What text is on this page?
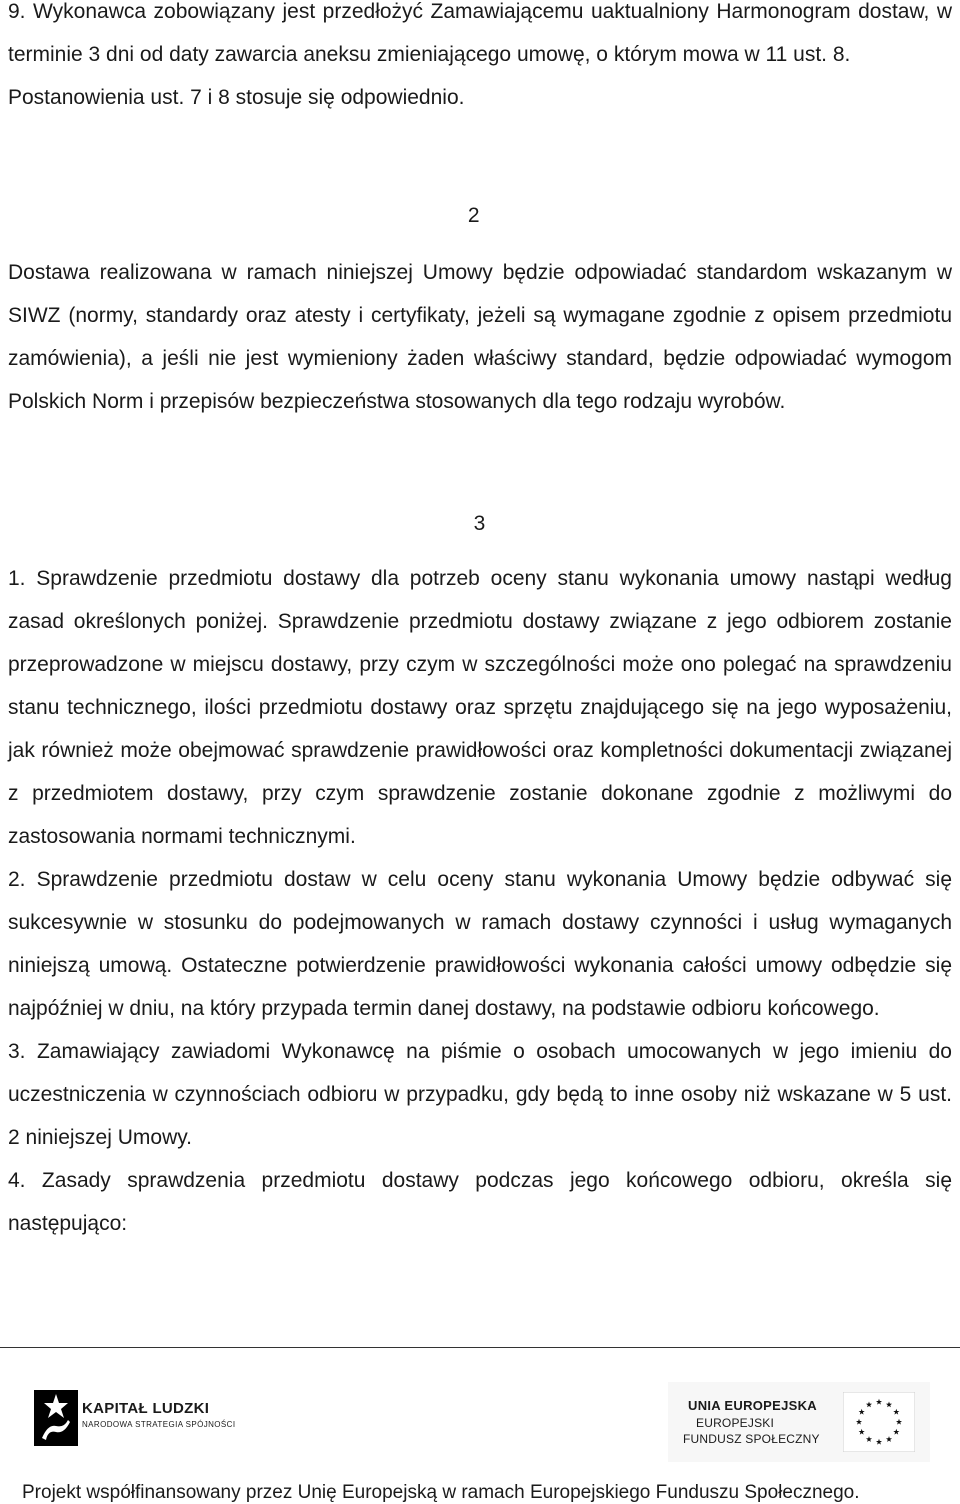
9. Wykonawca zobowiązany jest przedłożyć Zamawiającemu uaktualniony Harmonogram dostaw, w terminie 3 dni od daty zawarcia aneksu zmieniającego umowę, o którym mowa w 11 ust. 8.

Postanowienia ust. 7 i 8 stosuje się odpowiednio.

2

Dostawa realizowana w ramach niniejszej Umowy będzie odpowiadać standardom wskazanym w SIWZ (normy, standardy oraz atesty i certyfikaty, jeżeli są wymagane zgodnie z opisem przedmiotu zamówienia), a jeśli nie jest wymieniony żaden właściwy standard, będzie odpowiadać wymogom Polskich Norm i przepisów bezpieczeństwa stosowanych dla tego rodzaju wyrobów.

3

1. Sprawdzenie przedmiotu dostawy dla potrzeb oceny stanu wykonania umowy nastąpi według zasad określonych poniżej. Sprawdzenie przedmiotu dostawy związane z jego odbiorem zostanie przeprowadzone w miejscu dostawy, przy czym w szczególności może ono polegać na sprawdzeniu stanu technicznego, ilości przedmiotu dostawy oraz sprzętu znajdującego się na jego wyposażeniu, jak również może obejmować sprawdzenie prawidłowości oraz kompletności dokumentacji związanej z przedmiotem dostawy, przy czym sprawdzenie zostanie dokonane zgodnie z możliwymi do zastosowania normami technicznymi.

2. Sprawdzenie przedmiotu dostaw w celu oceny stanu wykonania Umowy będzie odbywać się sukcesywnie w stosunku do podejmowanych w ramach dostawy czynności i usług wymaganych niniejszą umową. Ostateczne potwierdzenie prawidłowości wykonania całości umowy odbędzie się najpóźniej w dniu, na który przypada termin danej dostawy, na podstawie odbioru końcowego.

3. Zamawiający zawiadomi Wykonawcę na piśmie o osobach umocowanych w jego imieniu do uczestniczenia w czynnościach odbioru w przypadku, gdy będą to inne osoby niż wskazane w 5 ust. 2 niniejszej Umowy.

4. Zasady sprawdzenia przedmiotu dostawy podczas jego końcowego odbioru, określa się następująco:

KAPITAŁ LUDZKI
NARODOWA STRATEGIA SPÓJNOŚCI
UNIA EUROPEJSKA
EUROPEJSKI
FUNDUSZ SPOŁECZNY
Projekt współfinansowany przez Unię Europejską w ramach Europejskiego Funduszu Społecznego.
